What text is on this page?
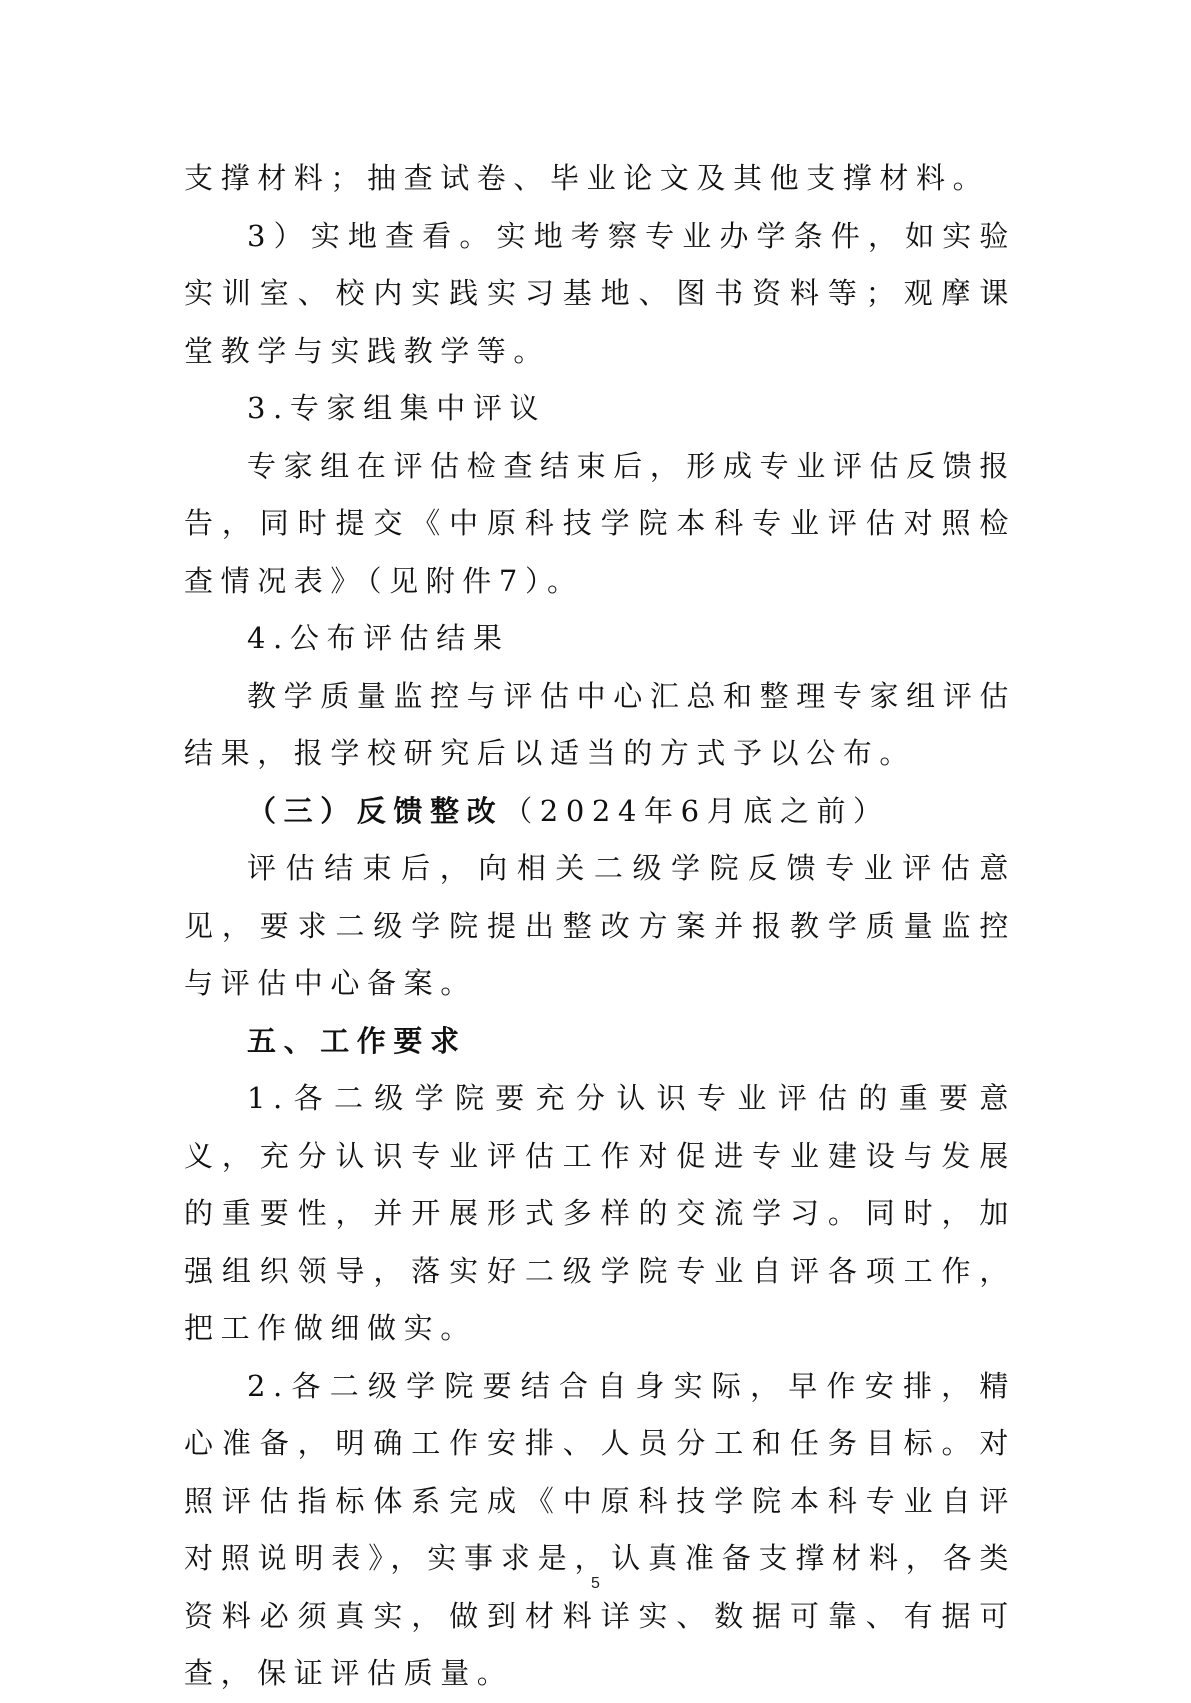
支撑材料；抽查试卷、毕业论文及其他支撑材料。

3）实地查看。实地考察专业办学条件，如实验实训室、校内实践实习基地、图书资料等；观摩课堂教学与实践教学等。

3.专家组集中评议

专家组在评估检查结束后，形成专业评估反馈报告，同时提交《中原科技学院本科专业评估对照检查情况表》（见附件7）。

4.公布评估结果

教学质量监控与评估中心汇总和整理专家组评估结果，报学校研究后以适当的方式予以公布。

（三）反馈整改（2024年6月底之前）

评估结束后，向相关二级学院反馈专业评估意见，要求二级学院提出整改方案并报教学质量监控与评估中心备案。

五、工作要求

1.各二级学院要充分认识专业评估的重要意义，充分认识专业评估工作对促进专业建设与发展的重要性，并开展形式多样的交流学习。同时，加强组织领导，落实好二级学院专业自评各项工作，把工作做细做实。

2.各二级学院要结合自身实际，早作安排，精心准备，明确工作安排、人员分工和任务目标。对照评估指标体系完成《中原科技学院本科专业自评对照说明表》，实事求是，认真准备支撑材料，各类资料必须真实，做到材料详实、数据可靠、有据可查，保证评估质量。

5
